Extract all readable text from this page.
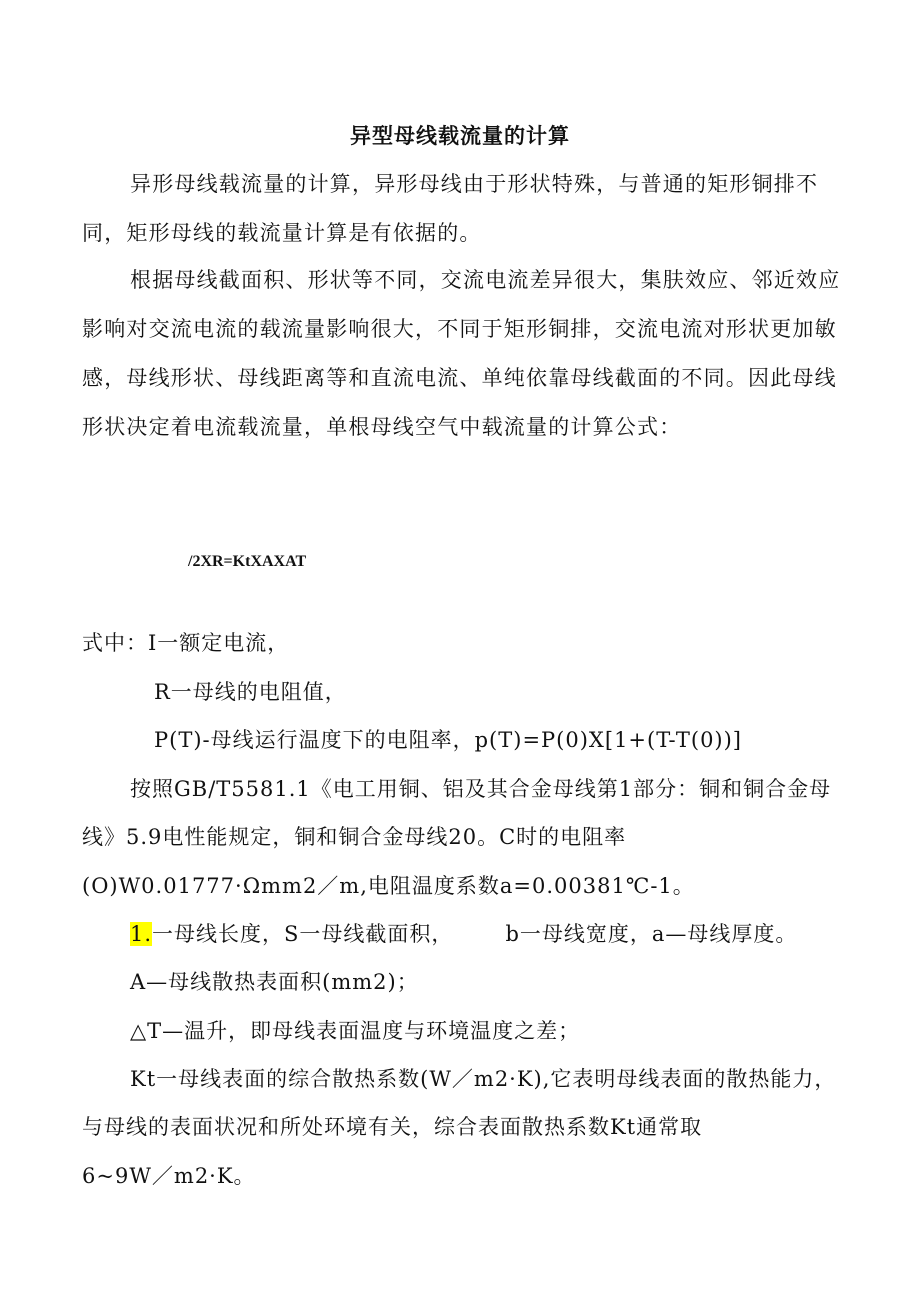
异型母线载流量的计算

异形母线载流量的计算，异形母线由于形状特殊，与普通的矩形铜排不同，矩形母线的载流量计算是有依据的。

根据母线截面积、形状等不同，交流电流差异很大，集肤效应、邻近效应影响对交流电流的载流量影响很大，不同于矩形铜排，交流电流对形状更加敏感，母线形状、母线距离等和直流电流、单纯依靠母线截面的不同。因此母线形状决定着电流载流量，单根母线空气中载流量的计算公式：

/2XR=KtXAXAT

式中：I一额定电流，

R一母线的电阻值，

P(T)-母线运行温度下的电阻率，p(T)=P(0)X[1+(T-T(0))]

按照GB/T5581.1《电工用铜、铝及其合金母线第1部分：铜和铜合金母

线》5.9电性能规定，铜和铜合金母线20。C时的电阻率

(O)W0.01777·Ωmm2／m,电阻温度系数a=0.00381℃-1。

1.一母线长度，S一母线截面积， b一母线宽度，a—母线厚度。

A—母线散热表面积(mm2)；

△T—温升，即母线表面温度与环境温度之差；

Kt一母线表面的综合散热系数(W／m2·K),它表明母线表面的散热能力，

与母线的表面状况和所处环境有关，综合表面散热系数Kt通常取

6~9W／m2·K。
